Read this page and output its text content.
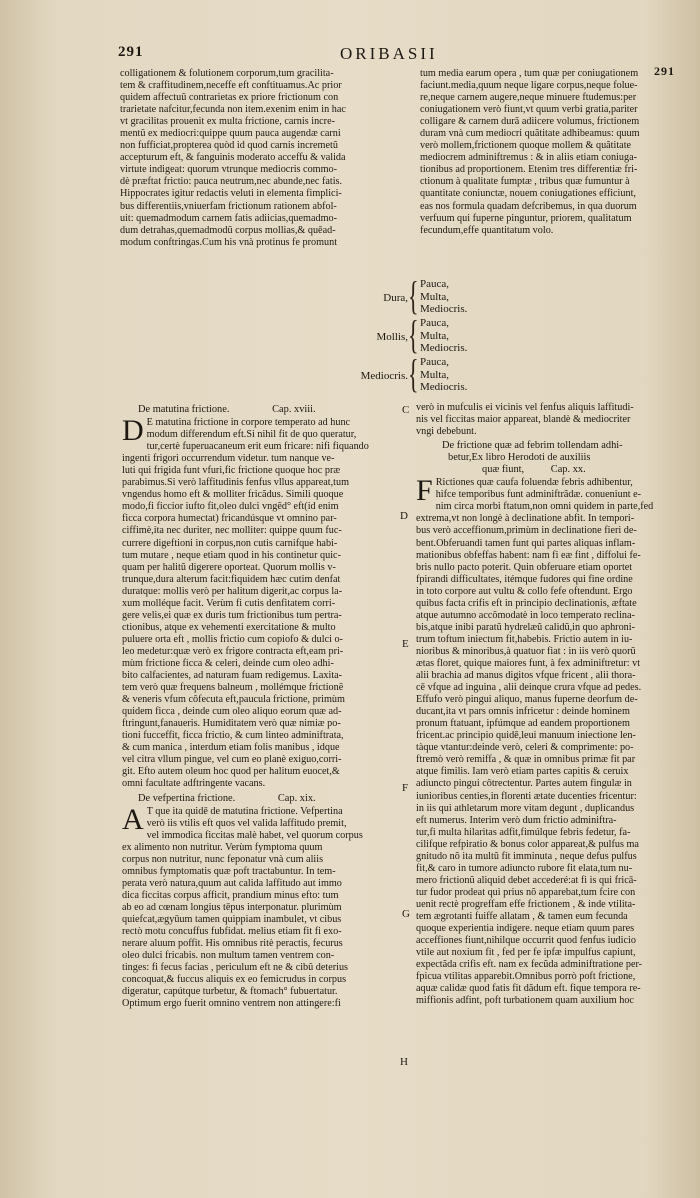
291	ORIBASII
291
colligationem & folutionem corporum,tum gracilita-
tem & craffitudinem,neceffe eft conftituamus.Ac prior
quidem affectuũ contrarietas ex priore frictionum con
trarietate nafcitur,fecunda non item.exenim enim in hac
vt gracilitas prouenit ex multa frictione, carnis incre-
mentũ ex mediocri:quippe quum pauca augendæ carni
non fufficiat,propterea quòd id quod carnis incremetũ
accepturum eft, & fanguinis moderato acceffu & valida
virtute indigeat: quorum vtrunque mediocris commo-
dè præftat frictio: pauca neutrum,nec abunde,nec fatis.
Hippocrates igitur redactis veluti in elementa fimplici-
bus differentiis,vniuerfam frictionum rationem abfol-
uit: quemadmodum carnem fatis adiicias,quemadmo-
dum detrahas,quemadmodũ corpus mollias,& quēad-
modum conftringas.Cum his vnà protinus fe promunt
tum media earum opera , tum quæ per coniugationem
faciunt.media,quum neque ligare corpus,neque folue-
re,neque carnem augere,neque minuere ftudemus:per
coniugationem verò fiunt,vt quum verbi gratia,pariter
colligare & carnem durã adiicere volumus, frictionem
duram vnà cum mediocri quãtitate adhibeamus: quum
verò mollem,frictionem quoque mollem & quãtitate
mediocrem adminiftremus : & in aliis etiam coniuga-
tionibus ad proportionem. Etenim tres differentiæ fri-
ctionum à qualitate fumptæ , tribus quæ fumuntur à
quantitate coniunctæ, nouem coniugationes efficiunt,
eas nos formula quadam defcribemus, in qua duorum
verfuum qui fuperne pinguntur, priorem, qualitatum
fecundum,effe quantitatum volo.
Dura, { Pauca,
Multa,
Mediocris.
Mollis, { Pauca,
Multa,
Mediocris.
Mediocris. { Pauca,
Multa,
Mediocris.
De matutina frictione.	Cap. xviii.
D E matutina frictione in corpore temperato ad hunc
modum differendum eft.Si nihil fit de quo queratur,
tur,certè fuperuacaneum erit eum fricare: nifi fiquando
ingenti frigori occurrendum videtur. tum nanque ve-
luti qui frigida funt vfuri,fic frictione quoque hoc præ
parabimus.Si verò laffitudinis fenfus vllus appareat,tum
vngendus homo eft & molliter fricãdus. Simili quoque
modo,fi ficcior iufto fit,oleo dulci vngẽd° eft(id enim
ficca corpora humectat) fricandúsque vt omnino par-
ciffimè,ita nec duriter, nec molliter: quippe quum fuc-
currere digeftioni in corpus,non cutis carnifque habi-
tum mutare , neque etiam quod in his continetur quic-
quam per halitũ digerere oporteat. Quorum mollis v-
trunque,dura alterum facit:fiquidem hæc cutim denfat
duratque: mollis verò per halitum digerit,ac corpus la-
xum molléque facit. Verùm fi cutis denfitatem corri-
gere velis,ei quæ ex duris tum frictionibus tum pertra-
ctionibus, atque ex vehementi exercitatione & multo
puluere orta eft , mollis frictio cum copiofo & dulci o-
leo medetur:quæ verò ex frigore contracta eft,eam pri-
mùm frictione ficca & celeri, deinde cum oleo adhi-
bito calfacientes, ad naturam fuam redigemus. Laxita-
tem verò quæ frequens balneum , mollémque frictionẽ
& veneris vfum côfecuta eft,paucula frictione, primùm
quidem ficca , deinde cum oleo aliquo eorum quæ ad-
ftringunt,fanaueris. Humiditatem verò quæ nimiæ po-
tioni fucceffit, ficca frictio, & cum linteo adminiftrata,
& cum manica , interdum etiam folis manibus , idque
vel citra vllum pingue, vel cum eo planè exiguo,corri-
git. Efto autem oleum hoc quod per halitum euocet,&
omni facultate adftringente vacans.
De vefpertina frictione.	Cap. xix.
A T que ita quidē de matutina frictione. Vefpertina
verò iis vtilis eft quos vel valida laffitudo premit,
vel immodica ficcitas malè habet, vel quorum corpus
ex alimento non nutritur. Verùm fymptoma quum
corpus non nutritur, nunc feponatur vnà cum aliis
omnibus fymptomatis quæ poft tractabuntur. In tem-
perata verò natura,quum aut calida laffitudo aut immo
dica ficcitas corpus afficit, prandium minus efto: tum
ab eo ad cœnam longius tēpus interponatur. plurimùm
quiefcat,ægyūum tamen quippiam inambulet, vt cibus
rectò motu concuffus fubfidat. melius etiam fit fi exo-
nerare aluum poffit. His omnibus ritè peractis, fecurus
oleo dulci fricabis. non multum tamen ventrem con-
tinges: fi fecus facias , periculum eft ne & cibũ deterius
concoquat,& fuccus aliquis ex eo femicrudus in corpus
digeratur, capútque turbetur, & ftomach° fubuertatur.
Optimum ergo fuerit omnino ventrem non attingere:fi
verò in mufculis ei vicinis vel fenfus aliquis laffitudi-
nis vel ficcitas maior appareat, blandè & mediocriter
vngi debebunt.
De frictione quæ ad febrim tollendam adhi-
betur,Ex libro Herodoti de auxiliis
quæ fiunt,	Cap. xx.
F Rictiones quæ caufa foluendæ febris adhibentur,
hifce temporibus funt adminiftrãdæ. conueniunt e-
nim circa morbi ftatum,non omni quidem in parte,fed
extrema,vt non longè à declinatione abfit. In tempori-
bus verò acceffionum,primùm in declinatione fieri de-
bent.Obferuandi tamen funt qui partes aliquas inflam-
mationibus obfeffas habent: nam fi eæ fint , diffolui fe-
bris nullo pacto poterit. Quin obferuare etiam oportet
fpirandi difficultates, itémque fudores qui fine ordine
in toto corpore aut vultu & collo fefe oftendunt. Ergo
quibus facta crifis eft in principio declinationis, æftate
atque autumno accõmodatè in loco temperato reclina-
bis,atque inibi paratũ hydrelæũ calidũ,in quo aphroni-
trum toftum iniectum fit,habebis. Frictio autem in iu-
nioribus & minoribus,à quatuor fiat : in iis verò quorũ
ætas floret, quique maiores funt, à fex adminiftretur: vt
alii brachia ad manus digitos vfque fricent , alii thora-
cē vfque ad inguina , alii deinque crura vfque ad pedes.
Effufo verò pingui aliquo, manus fuperne deorfum de-
ducant,ita vt pars omnis infricetur : deinde hominem
pronum ftatuant, ipfúmque ad eandem proportionem
fricent.ac principio quidē,leui manuum iniectione len-
tàque vtantur:deinde verò, celeri & comprimente: po-
ftremò verò remiffa , & quæ in omnibus primæ fit par
atque fimilis. Iam verò etiam partes capitis & ceruix
adiuncto pingui côtrectentur. Partes autem fingulæ in
iunioribus centies,in florenti ætate ducenties fricentur:
in iis qui athletarum more vitam degunt , duplicandus
eft numerus. Interim verò dum frictio adminiftra-
tur,fi multa hilaritas adfit,fimúlque febris fedetur, fa-
cilifque refpiratio & bonus color appareat,& pulfus ma
gnitudo nõ ita multũ fit imminuta , neque defus pulfus
fit,& caro in tumore adiuncto rubore fit elata,tum nu-
mero frictionũ aliquid debet accederé:at fi is qui fricā-
tur fudor prodeat quì prius nõ apparebat,tum fcire con
uenit rectè progreffam effe frictionem , & inde vtilita-
tem ægrotanti fuiffe allatam , & tamen eum fecunda
quoque experientia indigere. neque etiam quum pares
acceffiones fiunt,nihilque occurrit quod fenfus iudicio
vtile aut noxium fit , fed per fe ipfæ impulfus capiunt,
expectãda crifis eft. nam ex fecũda adminiftratione per-
fpicua vtilitas apparebit.Omnibus porrò poft frictione,
aquæ calidæ quod fatis fit dãdum eft. fique tempora re-
miffionis adfint, poft turbationem quam auxilium hoc
C
D
E
F
G
H
